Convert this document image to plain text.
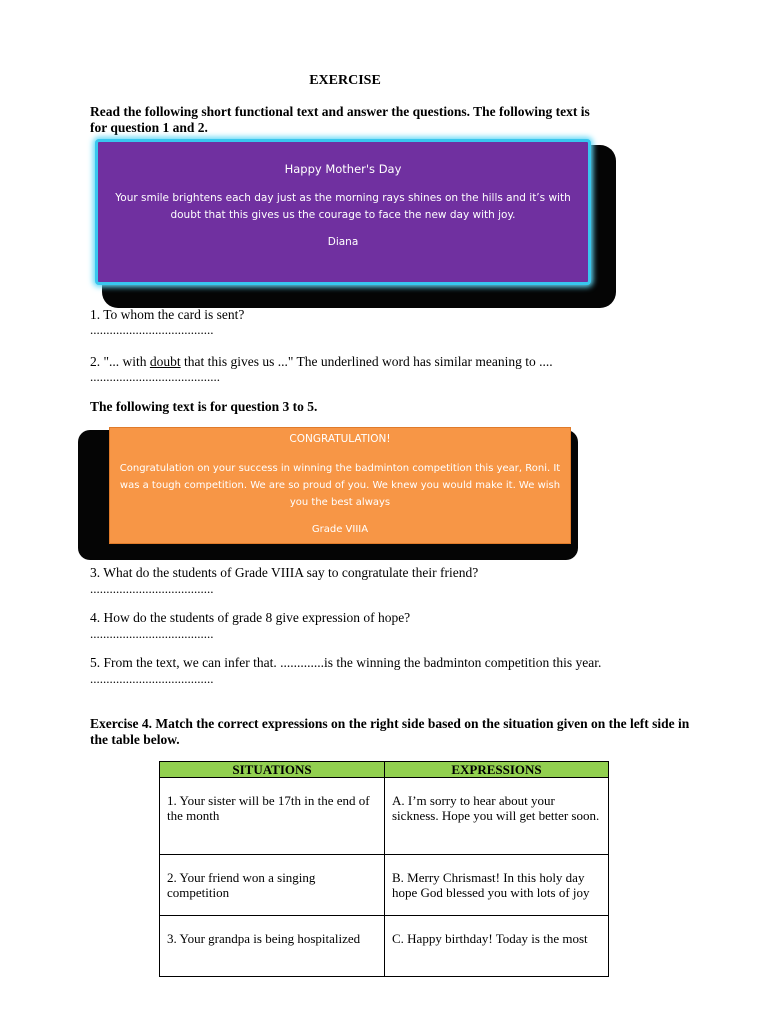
EXERCISE
Read the following short functional text and answer the questions. The following text is for question 1 and 2.
Happy Mother's Day
Your smile brightens each day just as the morning rays shines on the hills and it’s with doubt that this gives us the courage to face the new day with joy.
Diana
1. To whom the card is sent?
......................................
2. "... with doubt that this gives us ..." The underlined word has similar meaning to ....
........................................
The following text is for question 3 to 5.
CONGRATULATION!
Congratulation on your success in winning the badminton competition this year, Roni. It was a tough competition. We are so proud of you. We knew you would make it. We wish you the best always
Grade VIIIA
3. What do the students of Grade VIIIA say to congratulate their friend?
......................................
4. How do the students of grade 8 give expression of hope?
......................................
5. From the text, we can infer that. .............is the winning the badminton competition this year.
......................................
Exercise 4. Match the correct expressions on the right side based on the situation given on the left side in the table below.
SITUATIONS	EXPRESSIONS
1. Your sister will be 17th in the end of the month	A. I’m sorry to hear about your sickness. Hope you will get better soon.
2. Your friend won a singing competition	B. Merry Chrismast! In this holy day hope God blessed you with lots of joy
3. Your grandpa is being hospitalized	C. Happy birthday! Today is the most
